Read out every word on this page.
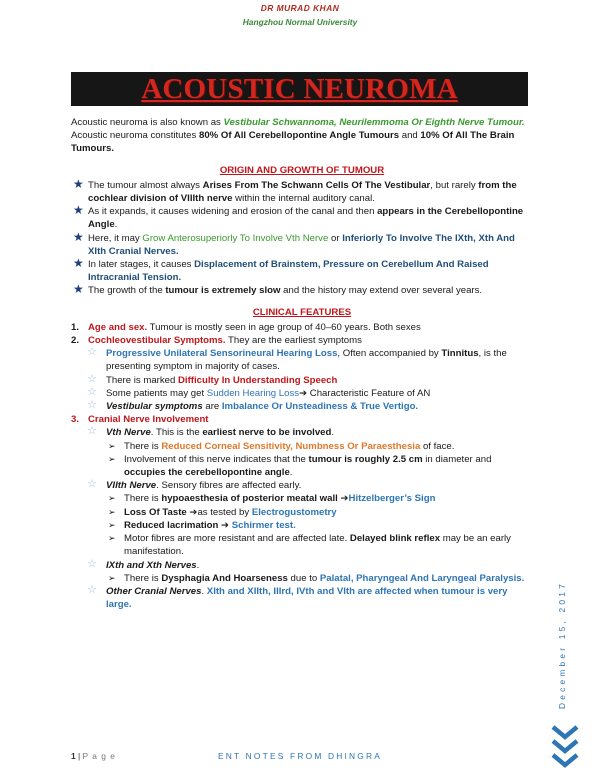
DR MURAD KHAN
Hangzhou Normal University
ACOUSTIC NEUROMA

Acoustic neuroma is also known as Vestibular Schwannoma, Neurilemmoma Or Eighth Nerve Tumour.

Acoustic neuroma constitutes 80% Of All Cerebellopontine Angle Tumours and 10% Of All The Brain Tumours.

ORIGIN AND GROWTH OF TUMOUR
★ The tumour almost always Arises From The Schwann Cells Of The Vestibular, but rarely from the cochlear division of VIIIth nerve within the internal auditory canal.
★ As it expands, it causes widening and erosion of the canal and then appears in the Cerebellopontine Angle.
★ Here, it may Grow Anterosuperiorly To Involve Vth Nerve or Inferiorly To Involve The IXth, Xth And XIth Cranial Nerves.
★ In later stages, it causes Displacement of Brainstem, Pressure on Cerebellum And Raised Intracranial Tension.
★ The growth of the tumour is extremely slow and the history may extend over several years.
CLINICAL FEATURES
1. Age and sex. Tumour is mostly seen in age group of 40–60 years. Both sexes
2. Cochleovestibular Symptoms. They are the earliest symptoms
☆ Progressive Unilateral Sensorineural Hearing Loss, Often accompanied by Tinnitus, is the presenting symptom in majority of cases.
☆ There is marked Difficulty In Understanding Speech
☆ Some patients may get Sudden Hearing Loss➔ Characteristic Feature of AN
☆ Vestibular symptoms are Imbalance Or Unsteadiness & True Vertigo.
3. Cranial Nerve Involvement
☆ Vth Nerve. This is the earliest nerve to be involved.
➢ There is Reduced Corneal Sensitivity, Numbness Or Paraesthesia of face.
➢ Involvement of this nerve indicates that the tumour is roughly 2.5 cm in diameter and occupies the cerebellopontine angle.
☆ VIIth Nerve. Sensory fibres are affected early.
➢ There is hypoaesthesia of posterior meatal wall ➔Hitzelberger’s Sign
➢ Loss Of Taste ➔as tested by Electrogustometry
➢ Reduced lacrimation ➔ Schirmer test.
➢ Motor fibres are more resistant and are affected late. Delayed blink reflex may be an early manifestation.
☆ IXth and Xth Nerves.
➢ There is Dysphagia And Hoarseness due to Palatal, Pharyngeal And Laryngeal Paralysis.
☆ Other Cranial Nerves. XIth and XIIth, IIIrd, IVth and VIth are affected when tumour is very large.
1 | P a g e	ENT NOTES FROM DHINGRA
December 15, 2017
